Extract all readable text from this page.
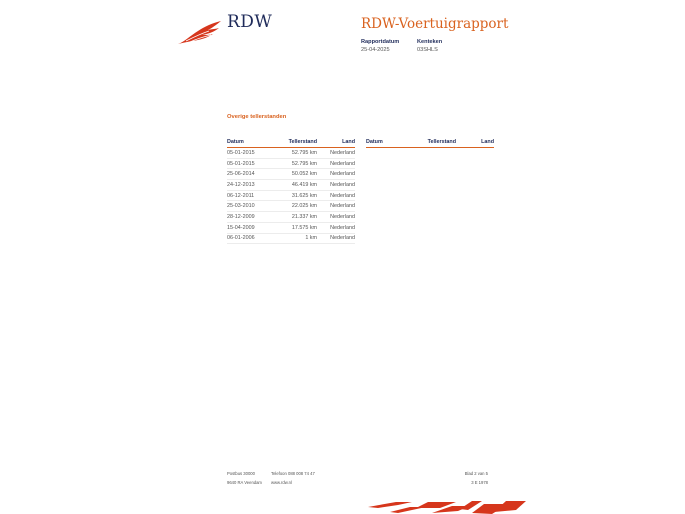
RDW	RDW-Voertuigrapport
Rapportdatum
25-04-2025
Kenteken
03SHLS
Overige tellerstanden
Datum	Tellerstand	Land
05-01-2015	52.795 km	Nederland
05-01-2015	52.795 km	Nederland
25-06-2014	50.052 km	Nederland
24-12-2013	46.419 km	Nederland
06-12-2011	31.625 km	Nederland
25-03-2010	22.025 km	Nederland
28-12-2009	21.337 km	Nederland
15-04-2009	17.575 km	Nederland
06-01-2006	1 km	Nederland
Datum	Tellerstand	Land
Postbus 30000
9640 RA Veendam
Telefoon 088 008 74 47
www.rdw.nl
Blad 2 van 5
3 E 1978
